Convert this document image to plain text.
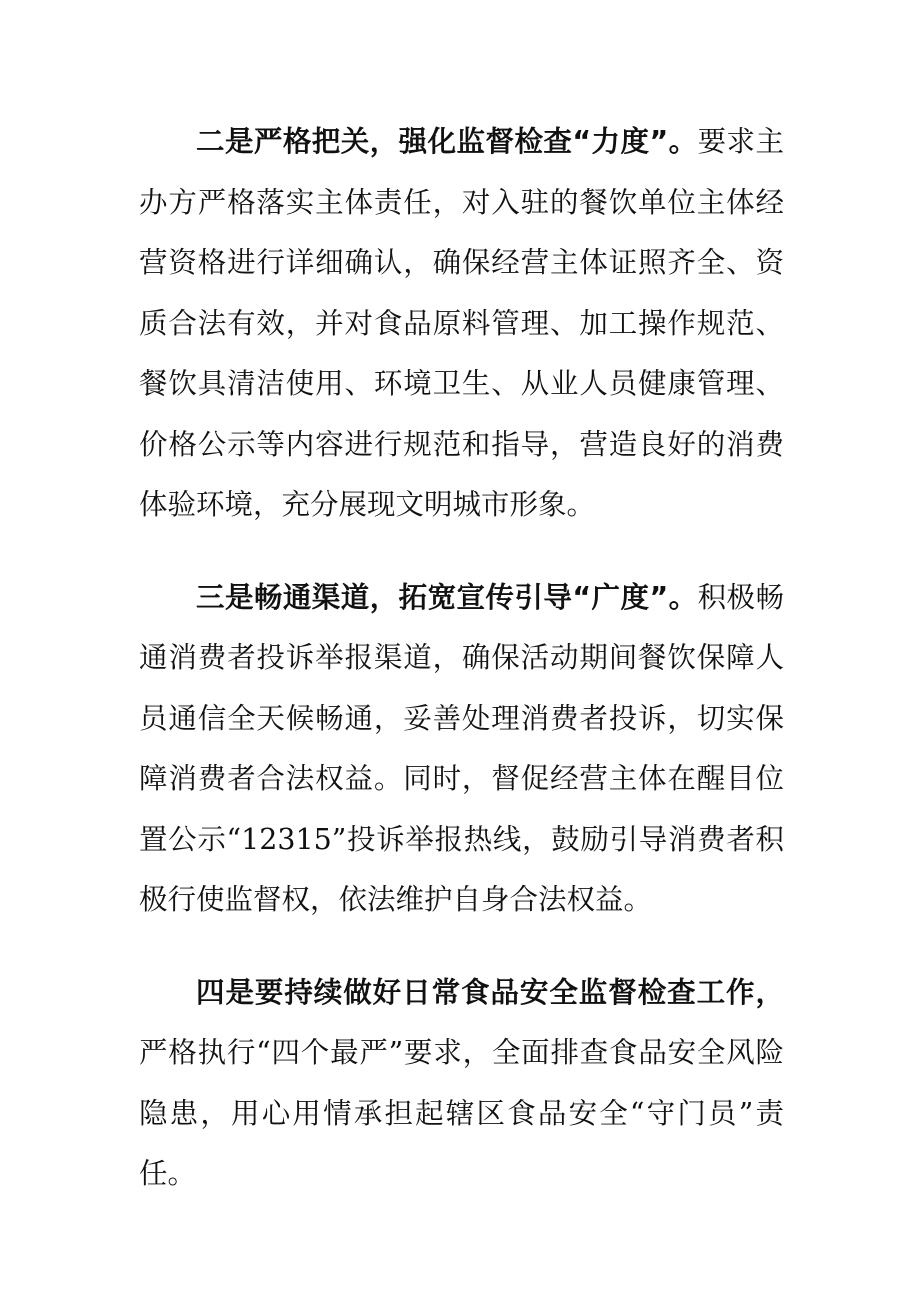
二是严格把关，强化监督检查“力度”。要求主办方严格落实主体责任，对入驻的餐饮单位主体经营资格进行详细确认，确保经营主体证照齐全、资质合法有效，并对食品原料管理、加工操作规范、餐饮具清洁使用、环境卫生、从业人员健康管理、价格公示等内容进行规范和指导，营造良好的消费体验环境，充分展现文明城市形象。

三是畅通渠道，拓宽宣传引导“广度”。积极畅通消费者投诉举报渠道，确保活动期间餐饮保障人员通信全天候畅通，妥善处理消费者投诉，切实保障消费者合法权益。同时，督促经营主体在醒目位置公示“12315”投诉举报热线，鼓励引导消费者积极行使监督权，依法维护自身合法权益。

四是要持续做好日常食品安全监督检查工作，严格执行“四个最严”要求，全面排查食品安全风险隐患，用心用情承担起辖区食品安全“守门员”责任。
